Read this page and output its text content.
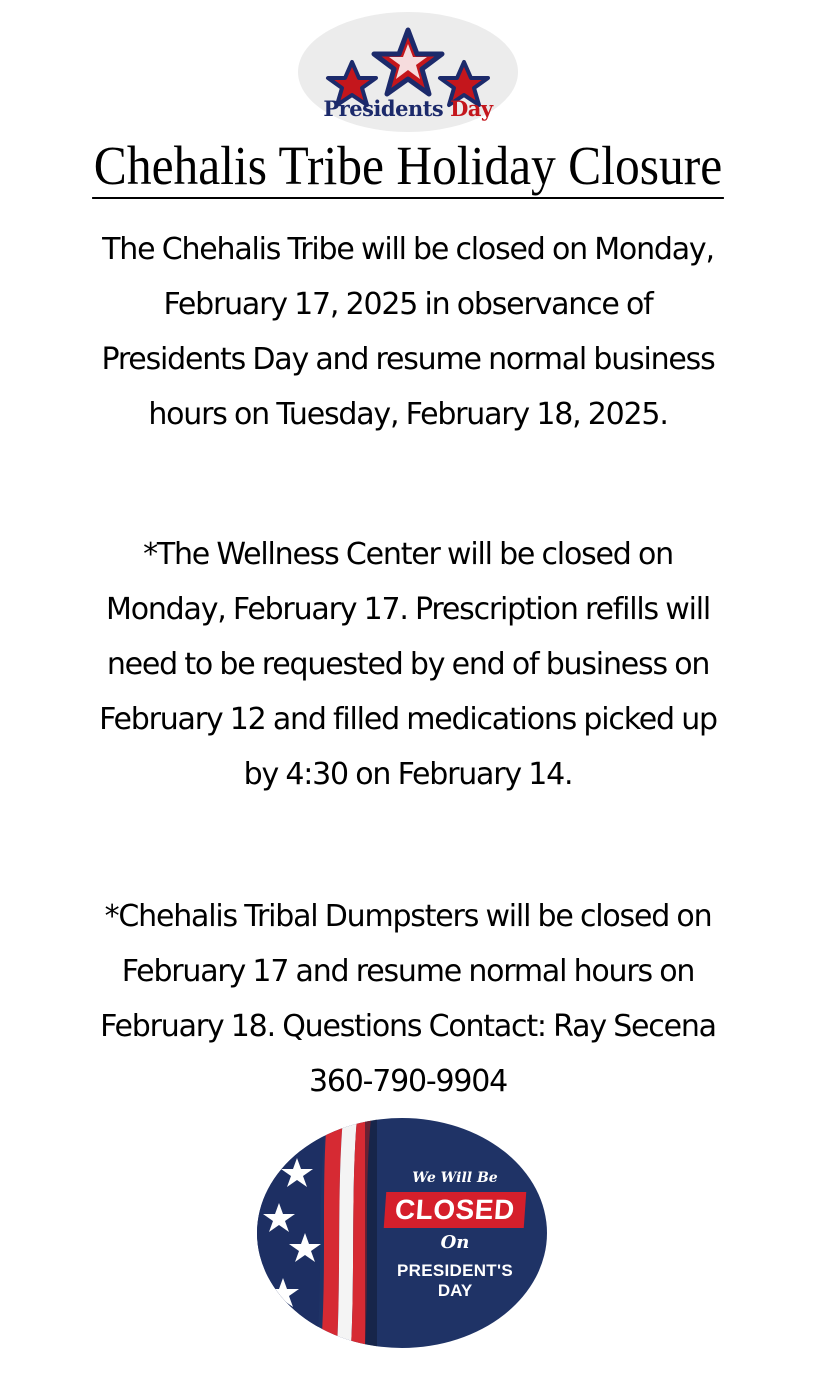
Presidents Day
Chehalis Tribe Holiday Closure
The Chehalis Tribe will be closed on Monday,
February 17, 2025 in observance of
Presidents Day and resume normal business
hours on Tuesday, February 18, 2025.
*The Wellness Center will be closed on
Monday, February 17. Prescription refills will
need to be requested by end of business on
February 12 and filled medications picked up
by 4:30 on February 14.
*Chehalis Tribal Dumpsters will be closed on
February 17 and resume normal hours on
February 18. Questions Contact: Ray Secena
360-790-9904
We Will Be
CLOSED
On
PRESIDENT'S
DAY
